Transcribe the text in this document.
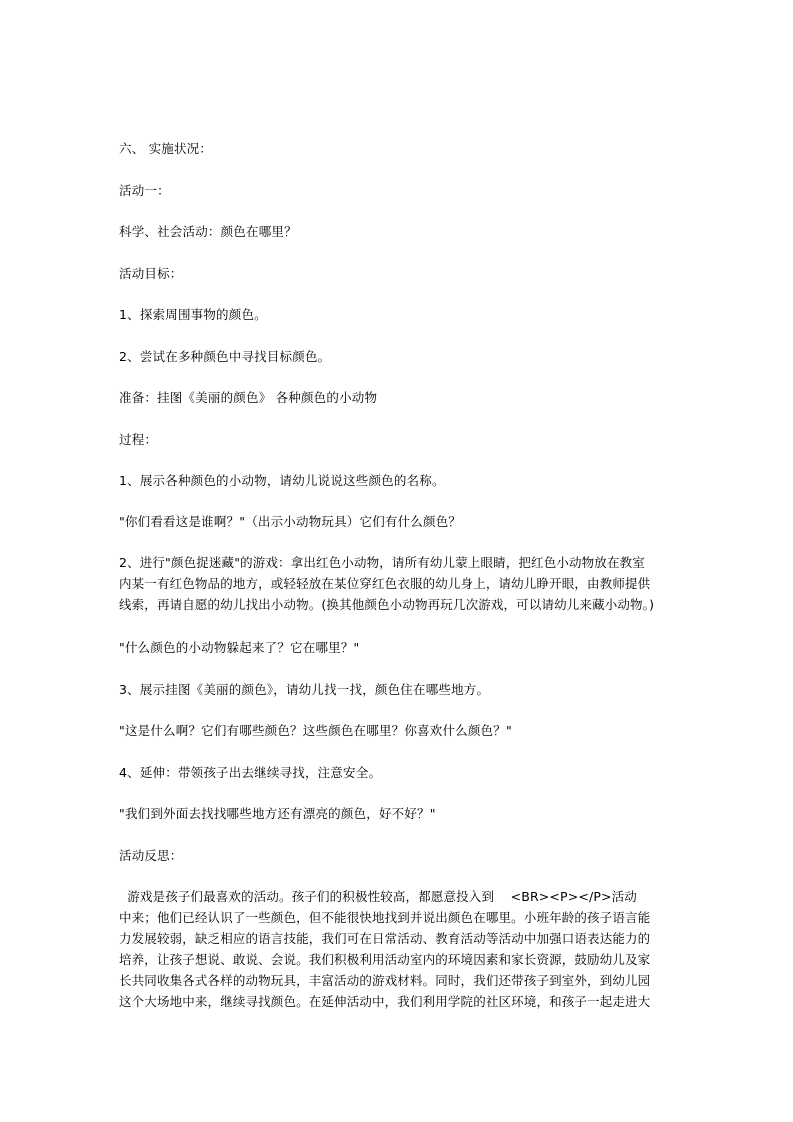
六、 实施状况：
活动一：
科学、社会活动：颜色在哪里？
活动目标：
1、探索周围事物的颜色。
2、尝试在多种颜色中寻找目标颜色。
准备：挂图《美丽的颜色》 各种颜色的小动物
过程：
1、展示各种颜色的小动物，请幼儿说说这些颜色的名称。
"你们看看这是谁啊？"（出示小动物玩具）它们有什么颜色？
2、进行"颜色捉迷藏"的游戏：拿出红色小动物，请所有幼儿蒙上眼睛，把红色小动物放在教室
内某一有红色物品的地方，或轻轻放在某位穿红色衣服的幼儿身上，请幼儿睁开眼，由教师提供
线索，再请自愿的幼儿找出小动物。(换其他颜色小动物再玩几次游戏，可以请幼儿来藏小动物。)
"什么颜色的小动物躲起来了？它在哪里？"
3、展示挂图《美丽的颜色》，请幼儿找一找，颜色住在哪些地方。
"这是什么啊？它们有哪些颜色？这些颜色在哪里？你喜欢什么颜色？"
4、延伸：带领孩子出去继续寻找，注意安全。
"我们到外面去找找哪些地方还有漂亮的颜色，好不好？"
活动反思：
游戏是孩子们最喜欢的活动。孩子们的积极性较高，都愿意投入到    <BR><P></P>活动
中来；他们已经认识了一些颜色，但不能很快地找到并说出颜色在哪里。小班年龄的孩子语言能
力发展较弱，缺乏相应的语言技能，我们可在日常活动、教育活动等活动中加强口语表达能力的
培养，让孩子想说、敢说、会说。我们积极利用活动室内的环境因素和家长资源，鼓励幼儿及家
长共同收集各式各样的动物玩具，丰富活动的游戏材料。同时，我们还带孩子到室外，到幼儿园
这个大场地中来，继续寻找颜色。在延伸活动中，我们利用学院的社区环境，和孩子一起走进大
